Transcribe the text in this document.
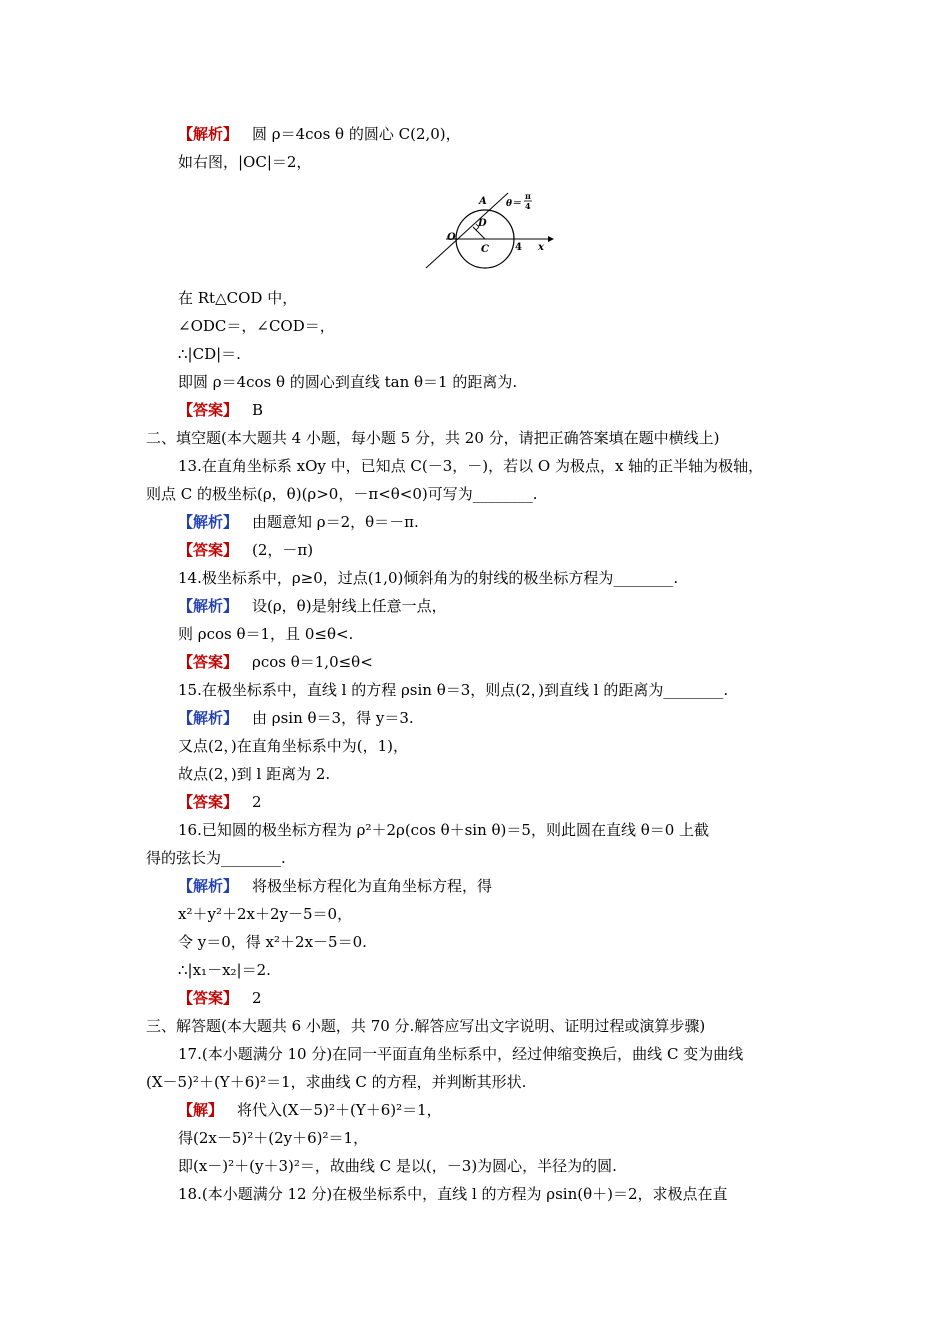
【解析】 圆 ρ＝4cos θ 的圆心 C(2,0)，
如右图，|OC|＝2，
A
O
D
C	4 x
θ＝
π
4
在 Rt△COD 中，
∠ODC＝，∠COD＝，
∴|CD|＝.
即圆 ρ＝4cos θ 的圆心到直线 tan θ＝1 的距离为.
【答案】 B
二、填空题(本大题共 4 小题，每小题 5 分，共 20 分，请把正确答案填在题中横线上)
13.在直角坐标系 xOy 中，已知点 C(－3，－)，若以 O 为极点，x 轴的正半轴为极轴，
则点 C 的极坐标(ρ，θ)(ρ>0，－π<θ<0)可写为________.
【解析】 由题意知 ρ＝2，θ＝－π.
【答案】 (2，－π)
14.极坐标系中，ρ≥0，过点(1,0)倾斜角为的射线的极坐标方程为________.
【解析】 设(ρ，θ)是射线上任意一点，
则 ρcos θ＝1，且 0≤θ<.
【答案】 ρcos θ＝1,0≤θ<
15.在极坐标系中，直线 l 的方程 ρsin θ＝3，则点(2，)到直线 l 的距离为________.
【解析】 由 ρsin θ＝3，得 y＝3.
又点(2，)在直角坐标系中为(，1)，
故点(2，)到 l 距离为 2.
【答案】 2
16.已知圆的极坐标方程为 ρ²＋2ρ(cos θ＋sin θ)＝5，则此圆在直线 θ＝0 上截
得的弦长为________.
【解析】 将极坐标方程化为直角坐标方程，得
x²＋y²＋2x＋2y－5＝0，
令 y＝0，得 x²＋2x－5＝0.
∴|x₁－x₂|＝2.
【答案】 2
三、解答题(本大题共 6 小题，共 70 分.解答应写出文字说明、证明过程或演算步骤)
17.(本小题满分 10 分)在同一平面直角坐标系中，经过伸缩变换后，曲线 C 变为曲线
(X－5)²＋(Y＋6)²＝1，求曲线 C 的方程，并判断其形状.
【解】 将代入(X－5)²＋(Y＋6)²＝1，
得(2x－5)²＋(2y＋6)²＝1，
即(x－)²＋(y＋3)²＝，故曲线 C 是以(，－3)为圆心，半径为的圆.
18.(本小题满分 12 分)在极坐标系中，直线 l 的方程为 ρsin(θ＋)＝2，求极点在直
